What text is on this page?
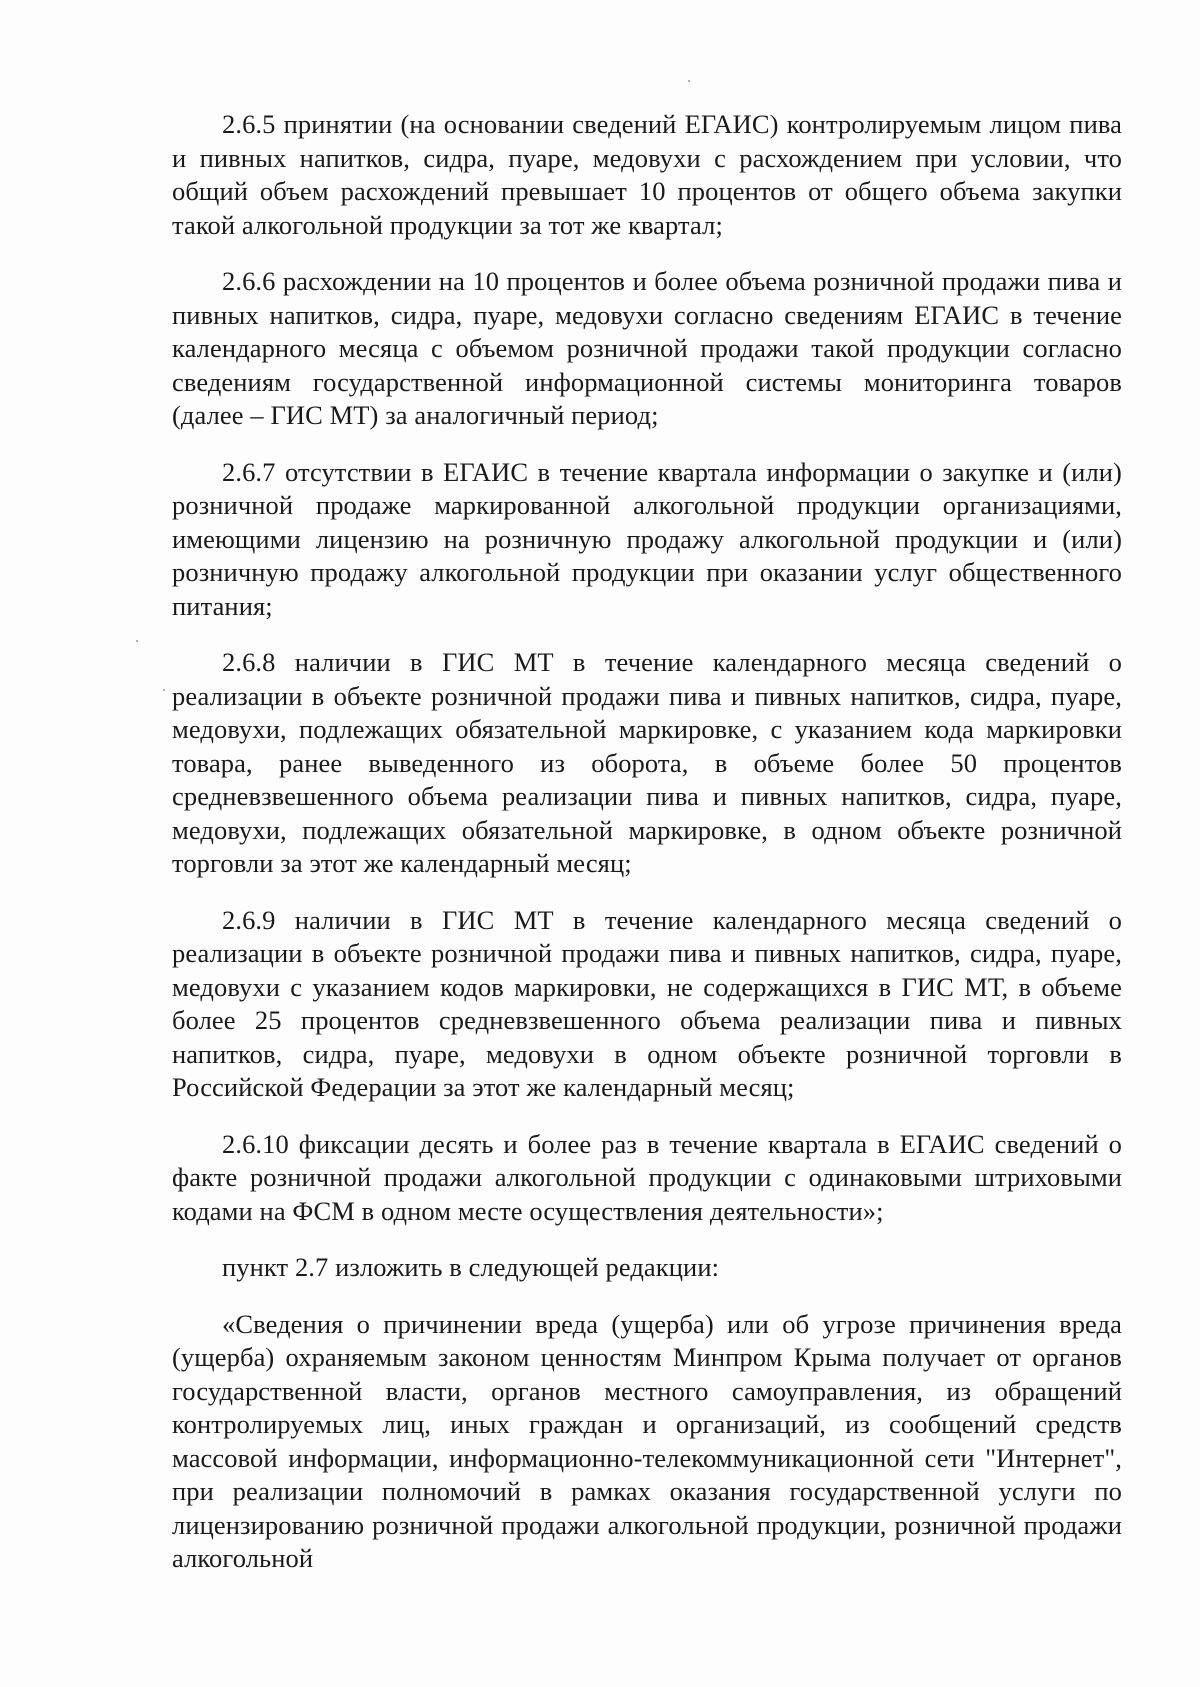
2.6.5 принятии (на основании сведений ЕГАИС) контролируемым лицом пива и пивных напитков, сидра, пуаре, медовухи с расхождением при условии, что общий объем расхождений превышает 10 процентов от общего объема закупки такой алкогольной продукции за тот же квартал;

2.6.6 расхождении на 10 процентов и более объема розничной продажи пива и пивных напитков, сидра, пуаре, медовухи согласно сведениям ЕГАИС в течение календарного месяца с объемом розничной продажи такой продукции согласно сведениям государственной информационной системы мониторинга товаров (далее – ГИС МТ) за аналогичный период;

2.6.7 отсутствии в ЕГАИС в течение квартала информации о закупке и (или) розничной продаже маркированной алкогольной продукции организациями, имеющими лицензию на розничную продажу алкогольной продукции и (или) розничную продажу алкогольной продукции при оказании услуг общественного питания;

2.6.8 наличии в ГИС МТ в течение календарного месяца сведений о реализации в объекте розничной продажи пива и пивных напитков, сидра, пуаре, медовухи, подлежащих обязательной маркировке, с указанием кода маркировки товара, ранее выведенного из оборота, в объеме более 50 процентов средневзвешенного объема реализации пива и пивных напитков, сидра, пуаре, медовухи, подлежащих обязательной маркировке, в одном объекте розничной торговли за этот же календарный месяц;

2.6.9 наличии в ГИС МТ в течение календарного месяца сведений о реализации в объекте розничной продажи пива и пивных напитков, сидра, пуаре, медовухи с указанием кодов маркировки, не содержащихся в ГИС МТ, в объеме более 25 процентов средневзвешенного объема реализации пива и пивных напитков, сидра, пуаре, медовухи в одном объекте розничной торговли в Российской Федерации за этот же календарный месяц;

2.6.10 фиксации десять и более раз в течение квартала в ЕГАИС сведений о факте розничной продажи алкогольной продукции с одинаковыми штриховыми кодами на ФСМ в одном месте осуществления деятельности»;

пункт 2.7 изложить в следующей редакции:

«Сведения о причинении вреда (ущерба) или об угрозе причинения вреда (ущерба) охраняемым законом ценностям Минпром Крыма получает от органов государственной власти, органов местного самоуправления, из обращений контролируемых лиц, иных граждан и организаций, из сообщений средств массовой информации, информационно-телекоммуникационной сети "Интернет", при реализации полномочий в рамках оказания государственной услуги по лицензированию розничной продажи алкогольной продукции, розничной продажи алкогольной
